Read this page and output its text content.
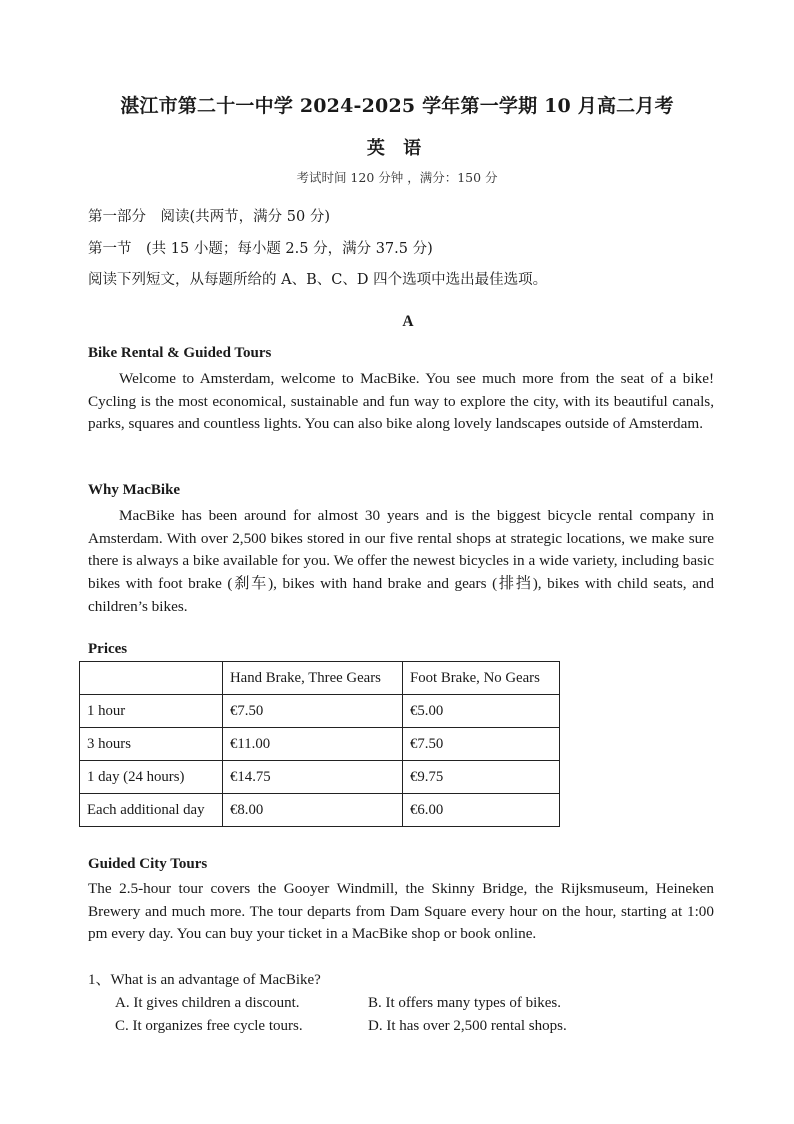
湛江市第二十一中学 2024-2025 学年第一学期 10 月高二月考
英 语
考试时间 120 分钟 ，满分：150 分
第一部分　阅读(共两节，满分 50 分)
第一节　(共 15 小题；每小题 2.5 分，满分 37.5 分)
阅读下列短文，从每题所给的 A、B、C、D 四个选项中选出最佳选项。
A
Bike Rental & Guided Tours
Welcome to Amsterdam, welcome to MacBike. You see much more from the seat of a bike! Cycling is the most economical, sustainable and fun way to explore the city, with its beautiful canals, parks, squares and countless lights. You can also bike along lovely landscapes outside of Amsterdam.
Why MacBike
MacBike has been around for almost 30 years and is the biggest bicycle rental company in Amsterdam. With over 2,500 bikes stored in our five rental shops at strategic locations, we make sure there is always a bike available for you. We offer the newest bicycles in a wide variety, including basic bikes with foot brake (刹车), bikes with hand brake and gears (排挡), bikes with child seats, and children’s bikes.
Prices
	Hand Brake, Three Gears	Foot Brake, No Gears
1 hour	€7.50	€5.00
3 hours	€11.00	€7.50
1 day (24 hours)	€14.75	€9.75
Each additional day	€8.00	€6.00
Guided City Tours
The 2.5-hour tour covers the Gooyer Windmill, the Skinny Bridge, the Rijksmuseum, Heineken Brewery and much more. The tour departs from Dam Square every hour on the hour, starting at 1:00 pm every day. You can buy your ticket in a MacBike shop or book online.
1、What is an advantage of MacBike?
A. It gives children a discount.	B. It offers many types of bikes.
C. It organizes free cycle tours.	D. It has over 2,500 rental shops.
